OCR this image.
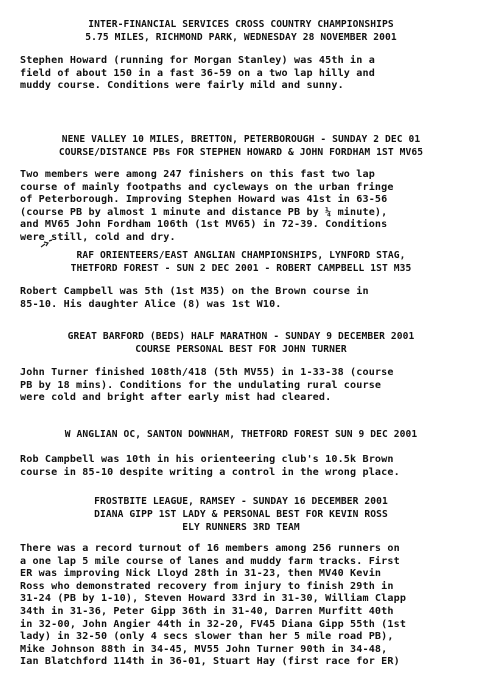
INTER-FINANCIAL SERVICES CROSS COUNTRY CHAMPIONSHIPS
5.75 MILES, RICHMOND PARK, WEDNESDAY 28 NOVEMBER 2001
Stephen Howard (running for Morgan Stanley) was 45th in a
field of about 150 in a fast 36-59 on a two lap hilly and
muddy course. Conditions were fairly mild and sunny.
NENE VALLEY 10 MILES, BRETTON, PETERBOROUGH - SUNDAY 2 DEC 01
COURSE/DISTANCE PBs FOR STEPHEN HOWARD & JOHN FORDHAM 1ST MV65
Two members were among 247 finishers on this fast two lap
course of mainly footpaths and cycleways on the urban fringe
of Peterborough. Improving Stephen Howard was 41st in 63-56
(course PB by almost 1 minute and distance PB by ¼ minute),
and MV65 John Fordham 106th (1st MV65) in 72-39. Conditions
were still, cold and dry.
RAF ORIENTEERS/EAST ANGLIAN CHAMPIONSHIPS, LYNFORD STAG,
THETFORD FOREST - SUN 2 DEC 2001 - ROBERT CAMPBELL 1ST M35
Robert Campbell was 5th (1st M35) on the Brown course in
85-10. His daughter Alice (8) was 1st W10.
GREAT BARFORD (BEDS) HALF MARATHON - SUNDAY 9 DECEMBER 2001
COURSE PERSONAL BEST FOR JOHN TURNER
John Turner finished 108th/418 (5th MV55) in 1-33-38 (course
PB by 18 mins). Conditions for the undulating rural course
were cold and bright after early mist had cleared.
W ANGLIAN OC, SANTON DOWNHAM, THETFORD FOREST SUN 9 DEC 2001
Rob Campbell was 10th in his orienteering club's 10.5k Brown
course in 85-10 despite writing a control in the wrong place.
FROSTBITE LEAGUE, RAMSEY - SUNDAY 16 DECEMBER 2001
DIANA GIPP 1ST LADY & PERSONAL BEST FOR KEVIN ROSS
ELY RUNNERS 3RD TEAM
There was a record turnout of 16 members among 256 runners on
a one lap 5 mile course of lanes and muddy farm tracks. First
ER was improving Nick Lloyd 28th in 31-23, then MV40 Kevin
Ross who demonstrated recovery from injury to finish 29th in
31-24 (PB by 1-10), Steven Howard 33rd in 31-30, William Clapp
34th in 31-36, Peter Gipp 36th in 31-40, Darren Murfitt 40th
in 32-00, John Angier 44th in 32-20, FV45 Diana Gipp 55th (1st
lady) in 32-50 (only 4 secs slower than her 5 mile road PB),
Mike Johnson 88th in 34-45, MV55 John Turner 90th in 34-48,
Ian Blatchford 114th in 36-01, Stuart Hay (first race for ER)
